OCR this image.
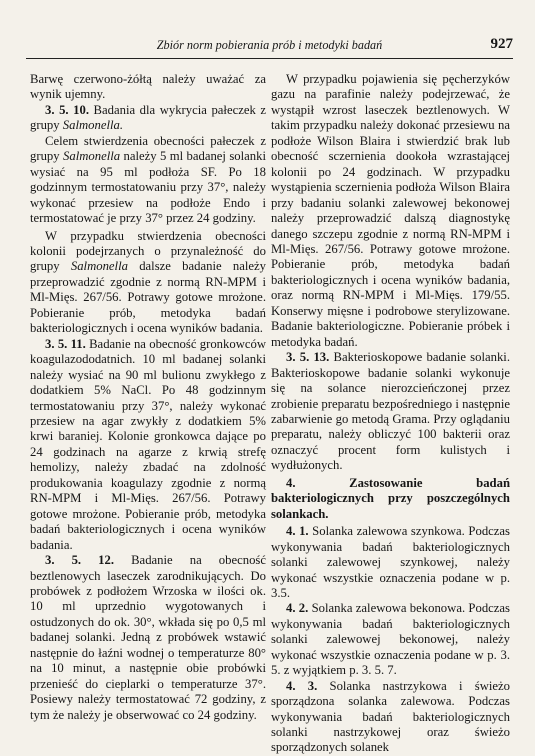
Zbiór norm pobierania prób i metodyki badań	927

Barwę czerwono-żółtą należy uważać za wynik ujemny.

3. 5. 10. Badania dla wykrycia pałeczek z grupy Salmonella.

Celem stwierdzenia obecności pałeczek z grupy Salmonella należy 5 ml badanej solanki wysiać na 95 ml podłoża SF. Po 18 godzinnym termostatowaniu przy 37°, należy wykonać przesiew na podłoże Endo i termostatować je przy 37° przez 24 godziny.

W przypadku stwierdzenia obecności kolonii podejrzanych o przynależność do grupy Salmonella dalsze badanie należy przeprowadzić zgodnie z normą RN-MPM i Ml-Mięs. 267/56. Potrawy gotowe mrożone. Pobieranie prób, metodyka badań bakteriologicznych i ocena wyników badania.

3. 5. 11. Badanie na obecność gronkowców koagulazododatnich. 10 ml badanej solanki należy wysiać na 90 ml bulionu zwykłego z dodatkiem 5% NaCl. Po 48 godzinnym termostatowaniu przy 37°, należy wykonać przesiew na agar zwykły z dodatkiem 5% krwi baraniej. Kolonie gronkowca dające po 24 godzinach na agarze z krwią strefę hemolizy, należy zbadać na zdolność produkowania koagulazy zgodnie z normą RN-MPM i Ml-Mięs. 267/56. Potrawy gotowe mrożone. Pobieranie prób, metodyka badań bakteriologicznych i ocena wyników badania.

3. 5. 12. Badanie na obecność beztlenowych laseczek zarodnikujących. Do probówek z podłożem Wrzoska w ilości ok. 10 ml uprzednio wygotowanych i ostudzonych do ok. 30°, wkłada się po 0,5 ml badanej solanki. Jedną z probówek wstawić następnie do łaźni wodnej o temperaturze 80° na 10 minut, a następnie obie probówki przenieść do cieplarki o temperaturze 37°. Posiewy należy termostatować 72 godziny, z tym że należy je obserwować co 24 godziny.

W przypadku pojawienia się pęcherzyków gazu na parafinie należy podejrzewać, że wystąpił wzrost laseczek beztlenowych. W takim przypadku należy dokonać przesiewu na podłoże Wilson Blaira i stwierdzić brak lub obecność sczernienia dookoła wzrastającej kolonii po 24 godzinach. W przypadku wystąpienia sczernienia podłoża Wilson Blaira przy badaniu solanki zalewowej bekonowej należy przeprowadzić dalszą diagnostykę danego szczepu zgodnie z normą RN-MPM i Ml-Mięs. 267/56. Potrawy gotowe mrożone. Pobieranie prób, metodyka badań bakteriologicznych i ocena wyników badania, oraz normą RN-MPM i Ml-Mięs. 179/55. Konserwy mięsne i podrobowe sterylizowane. Badanie bakteriologiczne. Pobieranie próbek i metodyka badań.

3. 5. 13. Bakterioskopowe badanie solanki. Bakterioskopowe badanie solanki wykonuje się na solance nierozcieńczonej przez zrobienie preparatu bezpośredniego i następnie zabarwienie go metodą Grama. Przy oglądaniu preparatu, należy obliczyć 100 bakterii oraz oznaczyć procent form kulistych i wydłużonych.

4. Zastosowanie badań bakteriologicznych przy poszczególnych solankach.

4. 1. Solanka zalewowa szynkowa. Podczas wykonywania badań bakteriologicznych solanki zalewowej szynkowej, należy wykonać wszystkie oznaczenia podane w p. 3.5.

4. 2. Solanka zalewowa bekonowa. Podczas wykonywania badań bakteriologicznych solanki zalewowej bekonowej, należy wykonać wszystkie oznaczenia podane w p. 3. 5. z wyjątkiem p. 3. 5. 7.

4. 3. Solanka nastrzykowa i świeżo sporządzona solanka zalewowa. Podczas wykonywania badań bakteriologicznych solanki nastrzykowej oraz świeżo sporządzonych solanek
